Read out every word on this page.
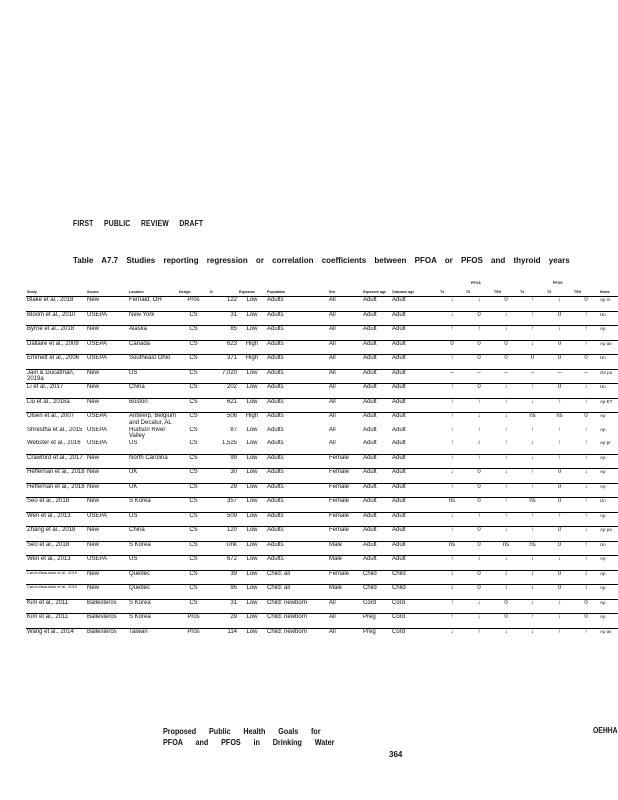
FIRST PUBLIC REVIEW DRAFT
Table A7.7 Studies reporting regression or correlation coefficients between PFOA or PFOS and thyroid years
PFOA	PFOS
Study	Source	Location	Design	N	Exposure	Population	Sex	Exposure age	Outcome age	T4	T3	TSH	T4	T3	TSH	Notes
Blake et al., 2018	New	Fernald, OH	Pros	122	Low	Adults	All	Adult	Adult	↓	↓	0	↑	↓	0	Ap m
Bloom et al., 2010	USEPA	New York	CS	31	Low	Adults	All	Adult	Adult	↓	0	↓	↑	0	↑	Un
Byrne et al., 2018	New	Alaska	CS	85	Low	Adults	All	Adult	Adult	↑	↑	↓	↑	↓	↑	Ap
Dallaire et al., 2009	USEPA	Canada	CS	623	High	Adults	All	Adult	Adult	0	0	0	↓	0	↑	Ap an
Emmett et al., 2006	USEPA	Southeast Ohio	CS	371	High	Adults	All	Adult	Adult	↑	0	0	0	0	0	Un
Jain & Ducatman, 2019a	New	US	CS	7,020	Low	Adults	All	Adult	Adult	–	–	–	–	–	–	Ge po
Li et al., 2017	New	China	CS	202	Low	Adults	All	Adult	Adult	↑	0	↓	↑	0	↓	Un
Liu et al., 2018a	New	Boston	CS	621	Low	Adults	All	Adult	Adult	↑	↑	↑	↓	↑	↑	Ap ET
Olsen et al., 2007	USEPA	Antwerp, Belgium and Decatur, AL	CS	506	High	Adults	All	Adult	Adult	↑	↓	↓	ns	ns	0	Ap
Shrestha et al., 2015	USEPA	Hudson River Valley	CS	87	Low	Adults	All	Adult	Adult	↑	↑	↑	↑	↑	↑	Ap
Webster et al., 2016	USEPA	US	CS	1,525	Low	Adults	All	Adult	Adult	↑	↕	↑	↓	↑	↑	Ap pr
Crawford et al., 2017	New	North Carolina	CS	99	Low	Adults	Female	Adult	Adult	↑	↑	↑	↓	↑	↑	Ap
Heffernan et al., 2018	New	UK	CS	30	Low	Adults	Female	Adult	Adult	↓	0	↓	↑	0	↓	Ap
Heffernan et al., 2018	New	UK	CS	29	Low	Adults	Female	Adult	Adult	↑	0	↑	↑	0	↓	Ap
Seo et al., 2018	New	S Korea	CS	357	Low	Adults	Female	Adult	Adult	ns	0	↑	ns	0	↑	Un
Wen et al., 2013	USEPA	US	CS	509	Low	Adults	Female	Adult	Adult	↓	↑	↑	↑	↑	↑	Ap
Zhang et al., 2018	New	China	CS	120	Low	Adults	Female	Adult	Adult	↑	0	↓	↑	0	↓	Ap pa
Seo et al., 2018	New	S Korea	CS	Unk	Low	Adults	Male	Adult	Adult	ns	0	ns	ns	0	↑	Un
Wen et al., 2013	USEPA	US	CS	672	Low	Adults	Male	Adult	Adult	↑	↕	↓	↓	↓	↑	Ap
Caron-Beaudoin et al., 2019	New	Quebec	CS	39	Low	Child: all	Female	Child	Child	↕	0	↕	↕	0	↕	Ap
Caron-Beaudoin et al., 2019	New	Quebec	CS	95	Low	Child: all	Male	Child	Child	↕	0	↕	↕	0	↕	Ap
Kim et al., 2011	Ballesteros	S Korea	CS	31	Low	Child: newborn	All	Cord	Cord	↑	↓	0	↓	↓	0	Ap
Kim et al., 2011	Ballesteros	S Korea	Pros	29	Low	Child: newborn	All	Preg	Cord	↑	↓	0	↑	↓	0	Ap
Wang et al., 2014	Ballesteros	Taiwan	Pros	114	Low	Child: newborn	All	Preg	Cord	↓	↑	↓	↓	↑	↑	Ap av
Proposed Public Health Goals for
PFOA and PFOS in Drinking Water
OEHHA
364
